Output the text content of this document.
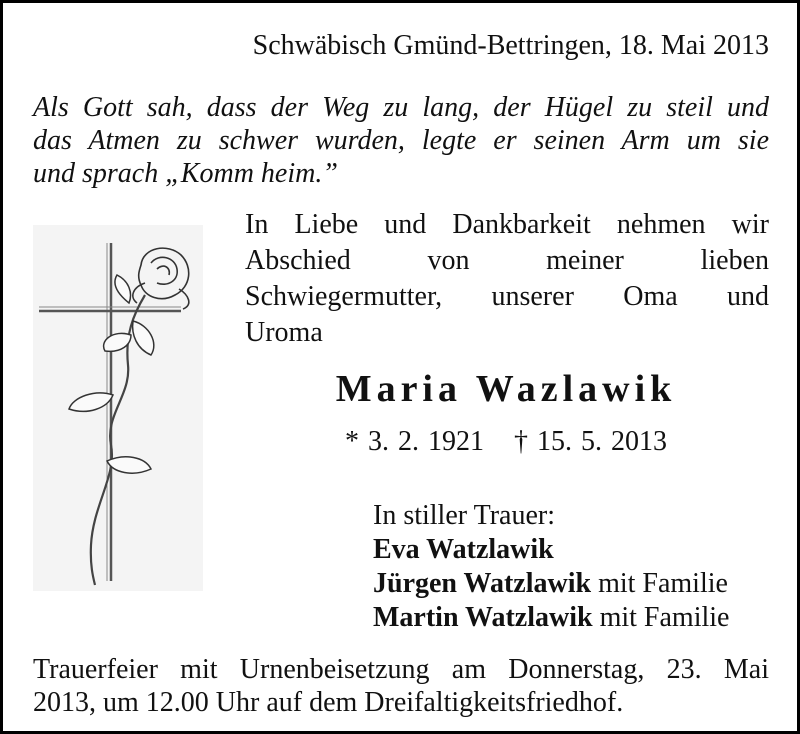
Schwäbisch Gmünd-Bettringen, 18. Mai 2013
Als Gott sah, dass der Weg zu lang, der Hügel zu steil und
das Atmen zu schwer wurden, legte er seinen Arm um sie
und sprach „Komm heim.”
In Liebe und Dankbarkeit nehmen wir
Abschied von meiner lieben
Schwiegermutter, unserer Oma und
Uroma
Maria Wazlawik
* 3. 2. 1921 † 15. 5. 2013
In stiller Trauer:
Eva Watzlawik
Jürgen Watzlawik mit Familie
Martin Watzlawik mit Familie
Trauerfeier mit Urnenbeisetzung am Donnerstag, 23. Mai
2013, um 12.00 Uhr auf dem Dreifaltigkeitsfriedhof.
